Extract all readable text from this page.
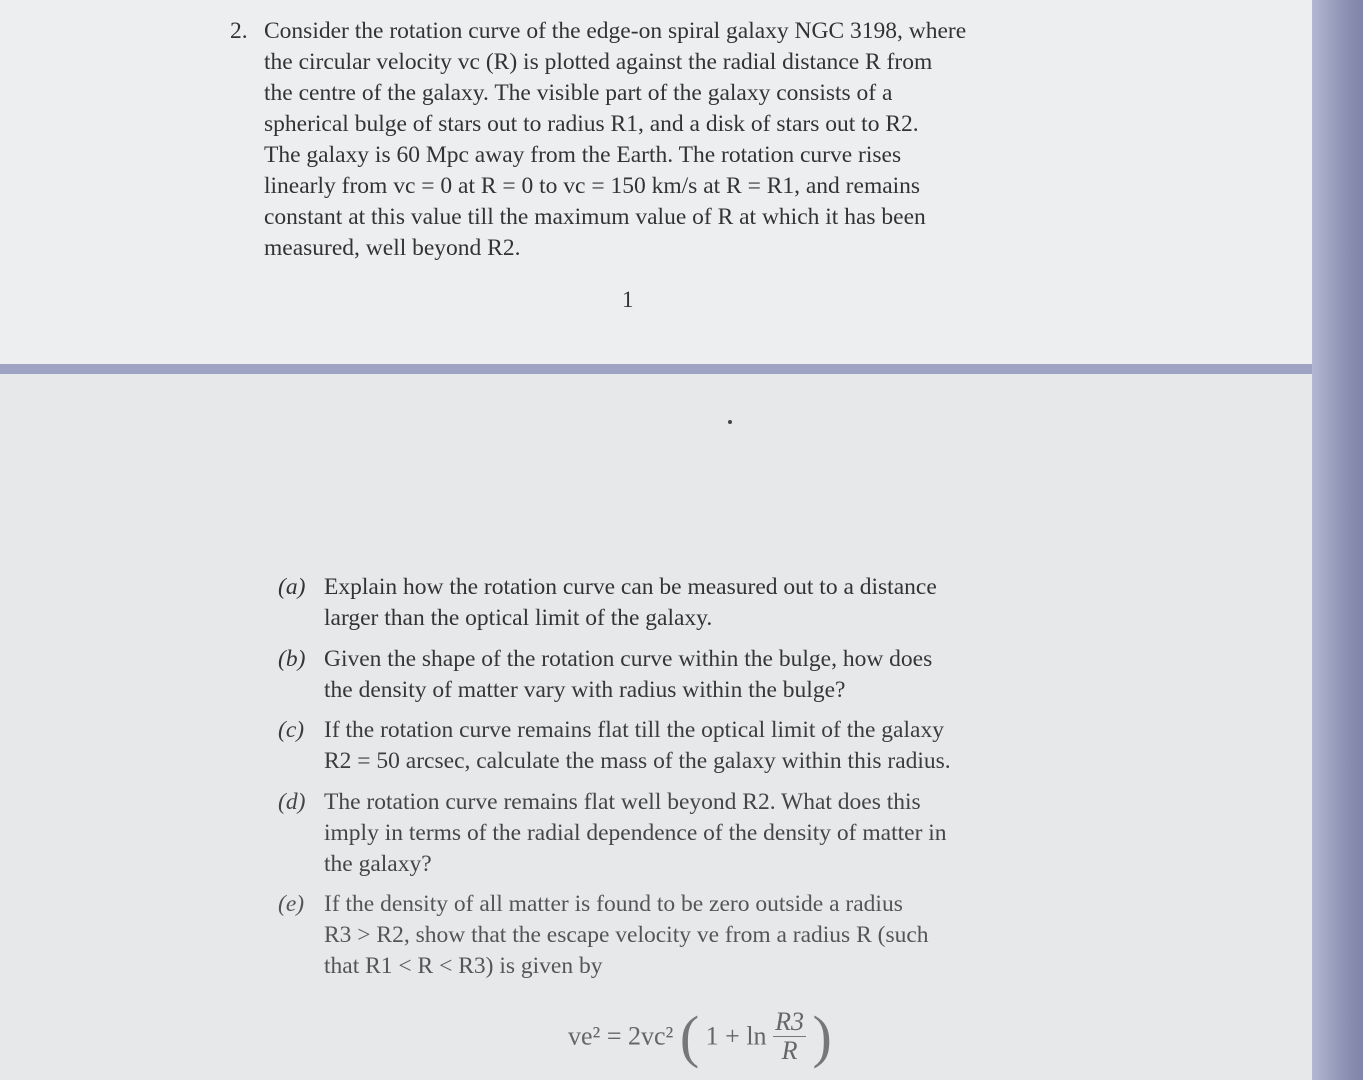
2. Consider the rotation curve of the edge-on spiral galaxy NGC 3198, where
the circular velocity vc (R) is plotted against the radial distance R from
the centre of the galaxy. The visible part of the galaxy consists of a
spherical bulge of stars out to radius R1, and a disk of stars out to R2.
The galaxy is 60 Mpc away from the Earth. The rotation curve rises
linearly from vc = 0 at R = 0 to vc = 150 km/s at R = R1, and remains
constant at this value till the maximum value of R at which it has been
measured, well beyond R2.
1
(a) Explain how the rotation curve can be measured out to a distance
larger than the optical limit of the galaxy.
(b) Given the shape of the rotation curve within the bulge, how does
the density of matter vary with radius within the bulge?
(c) If the rotation curve remains flat till the optical limit of the galaxy
R2 = 50 arcsec, calculate the mass of the galaxy within this radius.
(d) The rotation curve remains flat well beyond R2. What does this
imply in terms of the radial dependence of the density of matter in
the galaxy?
(e) If the density of all matter is found to be zero outside a radius
R3 > R2, show that the escape velocity ve from a radius R (such
that R1 < R < R3) is given by
ve² = 2vc² ( $1 + \ln \frac{R3}{R}$ )
